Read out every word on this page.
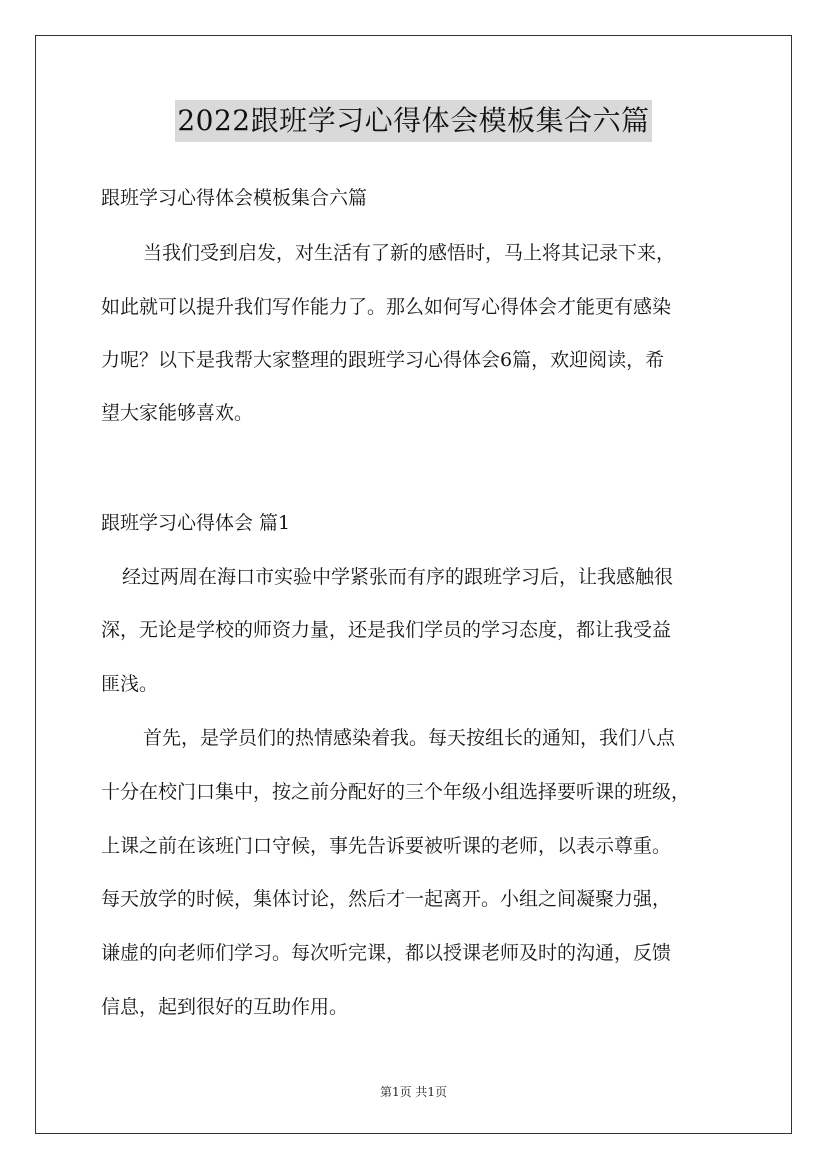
2022跟班学习心得体会模板集合六篇
跟班学习心得体会模板集合六篇
当我们受到启发，对生活有了新的感悟时，马上将其记录下来，
如此就可以提升我们写作能力了。那么如何写心得体会才能更有感染
力呢？以下是我帮大家整理的跟班学习心得体会6篇，欢迎阅读，希
望大家能够喜欢。
跟班学习心得体会 篇1
经过两周在海口市实验中学紧张而有序的跟班学习后，让我感触很
深，无论是学校的师资力量，还是我们学员的学习态度，都让我受益
匪浅。
首先，是学员们的热情感染着我。每天按组长的通知，我们八点
十分在校门口集中，按之前分配好的三个年级小组选择要听课的班级，
上课之前在该班门口守候，事先告诉要被听课的老师，以表示尊重。
每天放学的时候，集体讨论，然后才一起离开。小组之间凝聚力强，
谦虚的向老师们学习。每次听完课，都以授课老师及时的沟通，反馈
信息，起到很好的互助作用。
第1页 共1页
